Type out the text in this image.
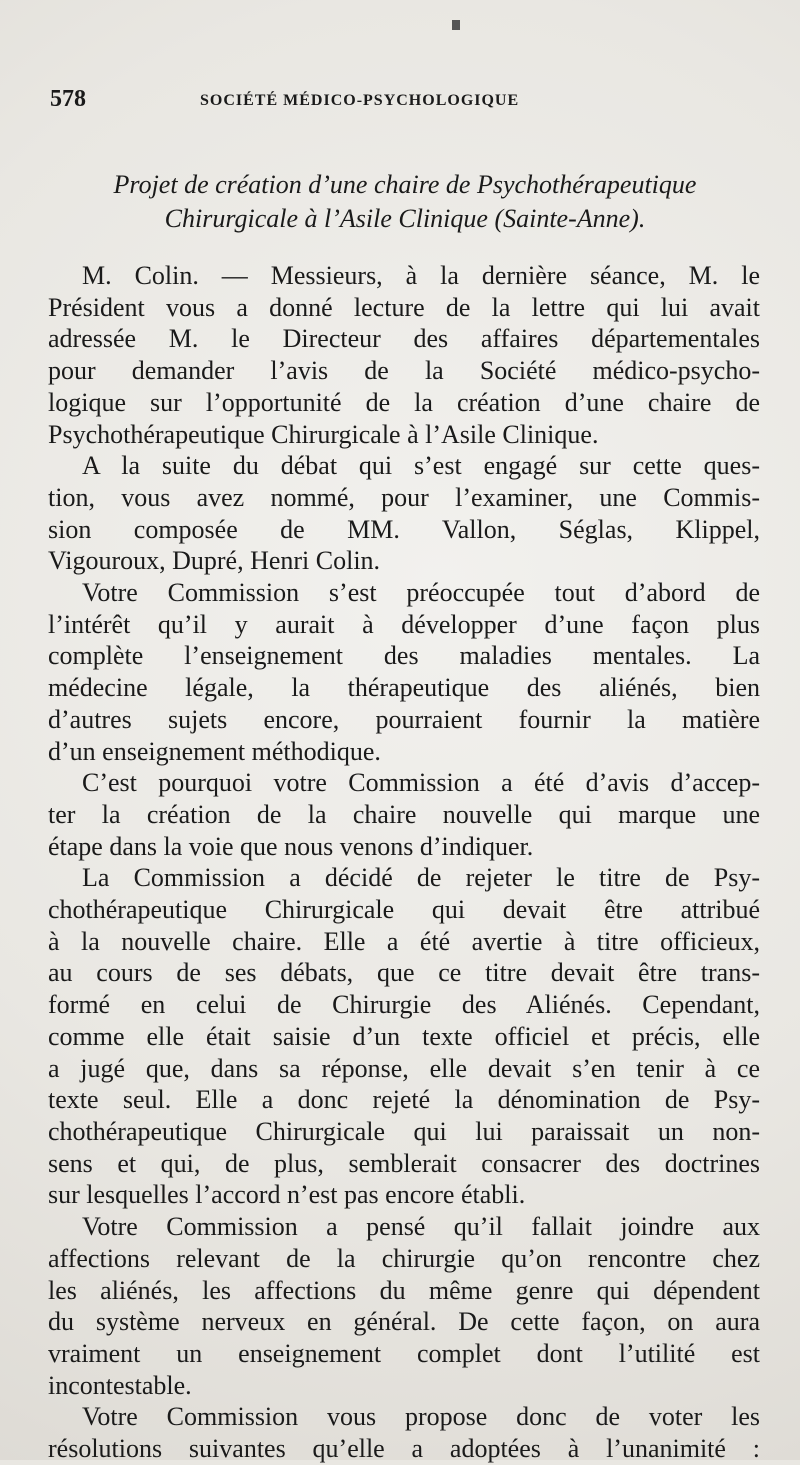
578	SOCIÉTÉ MÉDICO-PSYCHOLOGIQUE
Projet de création d’une chaire de Psychothérapeutique
Chirurgicale à l’Asile Clinique (Sainte-Anne).
M. Colin. — Messieurs, à la dernière séance, M. le
Président vous a donné lecture de la lettre qui lui avait
adressée M. le Directeur des affaires départementales
pour demander l’avis de la Société médico-psycho-
logique sur l’opportunité de la création d’une chaire de
Psychothérapeutique Chirurgicale à l’Asile Clinique.
A la suite du débat qui s’est engagé sur cette ques-
tion, vous avez nommé, pour l’examiner, une Commis-
sion composée de MM. Vallon, Séglas, Klippel,
Vigouroux, Dupré, Henri Colin.
Votre Commission s’est préoccupée tout d’abord de
l’intérêt qu’il y aurait à développer d’une façon plus
complète l’enseignement des maladies mentales. La
médecine légale, la thérapeutique des aliénés, bien
d’autres sujets encore, pourraient fournir la matière
d’un enseignement méthodique.
C’est pourquoi votre Commission a été d’avis d’accep-
ter la création de la chaire nouvelle qui marque une
étape dans la voie que nous venons d’indiquer.
La Commission a décidé de rejeter le titre de Psy-
chothérapeutique Chirurgicale qui devait être attribué
à la nouvelle chaire. Elle a été avertie à titre officieux,
au cours de ses débats, que ce titre devait être trans-
formé en celui de Chirurgie des Aliénés. Cependant,
comme elle était saisie d’un texte officiel et précis, elle
a jugé que, dans sa réponse, elle devait s’en tenir à ce
texte seul. Elle a donc rejeté la dénomination de Psy-
chothérapeutique Chirurgicale qui lui paraissait un non-
sens et qui, de plus, semblerait consacrer des doctrines
sur lesquelles l’accord n’est pas encore établi.
Votre Commission a pensé qu’il fallait joindre aux
affections relevant de la chirurgie qu’on rencontre chez
les aliénés, les affections du même genre qui dépendent
du système nerveux en général. De cette façon, on aura
vraiment un enseignement complet dont l’utilité est
incontestable.
Votre Commission vous propose donc de voter les
résolutions suivantes qu’elle a adoptées à l’unanimité :
